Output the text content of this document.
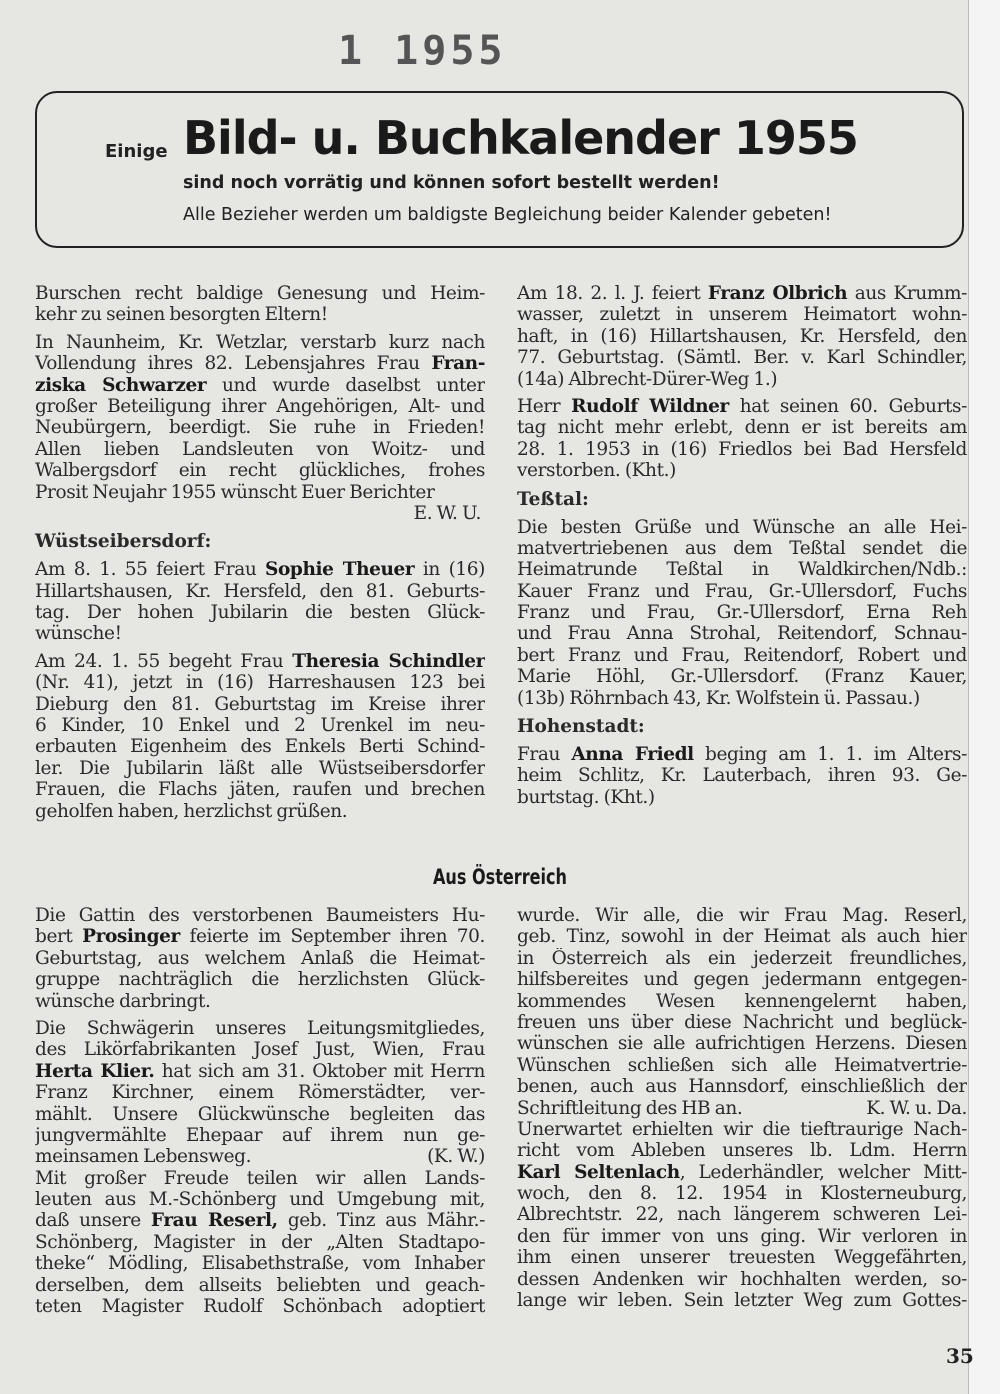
1 1955
Einige Bild- u. Buchkalender 1955
sind noch vorrätig und können sofort bestellt werden!
Alle Bezieher werden um baldigste Begleichung beider Kalender gebeten!
Burschen recht baldige Genesung und Heim-
kehr zu seinen besorgten Eltern!
In Naunheim, Kr. Wetzlar, verstarb kurz nach
Vollendung ihres 82. Lebensjahres Frau Fran-
ziska Schwarzer und wurde daselbst unter
großer Beteiligung ihrer Angehörigen, Alt- und
Neubürgern, beerdigt. Sie ruhe in Frieden!
Allen lieben Landsleuten von Woitz- und
Walbergsdorf ein recht glückliches, frohes
Prosit Neujahr 1955 wünscht Euer Berichter
E. W. U.
Wüstseibersdorf:
Am 8. 1. 55 feiert Frau Sophie Theuer in (16)
Hillartshausen, Kr. Hersfeld, den 81. Geburts-
tag. Der hohen Jubilarin die besten Glück-
wünsche!
Am 24. 1. 55 begeht Frau Theresia Schindler
(Nr. 41), jetzt in (16) Harreshausen 123 bei
Dieburg den 81. Geburtstag im Kreise ihrer
6 Kinder, 10 Enkel und 2 Urenkel im neu-
erbauten Eigenheim des Enkels Berti Schind-
ler. Die Jubilarin läßt alle Wüstseibersdorfer
Frauen, die Flachs jäten, raufen und brechen
geholfen haben, herzlichst grüßen.
Am 18. 2. l. J. feiert Franz Olbrich aus Krumm-
wasser, zuletzt in unserem Heimatort wohn-
haft, in (16) Hillartshausen, Kr. Hersfeld, den
77. Geburtstag. (Sämtl. Ber. v. Karl Schindler,
(14a) Albrecht-Dürer-Weg 1.)
Herr Rudolf Wildner hat seinen 60. Geburts-
tag nicht mehr erlebt, denn er ist bereits am
28. 1. 1953 in (16) Friedlos bei Bad Hersfeld
verstorben. (Kht.)
Teßtal:
Die besten Grüße und Wünsche an alle Hei-
matvertriebenen aus dem Teßtal sendet die
Heimatrunde Teßtal in Waldkirchen/Ndb.:
Kauer Franz und Frau, Gr.-Ullersdorf, Fuchs
Franz und Frau, Gr.-Ullersdorf, Erna Reh
und Frau Anna Strohal, Reitendorf, Schnau-
bert Franz und Frau, Reitendorf, Robert und
Marie Höhl, Gr.-Ullersdorf. (Franz Kauer,
(13b) Röhrnbach 43, Kr. Wolfstein ü. Passau.)
Hohenstadt:
Frau Anna Friedl beging am 1. 1. im Alters-
heim Schlitz, Kr. Lauterbach, ihren 93. Ge-
burtstag. (Kht.)
Aus Österreich
Die Gattin des verstorbenen Baumeisters Hu-
bert Prosinger feierte im September ihren 70.
Geburtstag, aus welchem Anlaß die Heimat-
gruppe nachträglich die herzlichsten Glück-
wünsche darbringt.
Die Schwägerin unseres Leitungsmitgliedes,
des Likörfabrikanten Josef Just, Wien, Frau
Herta Klier. hat sich am 31. Oktober mit Herrn
Franz Kirchner, einem Römerstädter, ver-
mählt. Unsere Glückwünsche begleiten das
jungvermählte Ehepaar auf ihrem nun ge-
meinsamen Lebensweg.	(K. W.)
Mit großer Freude teilen wir allen Lands-
leuten aus M.-Schönberg und Umgebung mit,
daß unsere Frau Reserl, geb. Tinz aus Mähr.-
Schönberg, Magister in der „Alten Stadtapo-
theke“ Mödling, Elisabethstraße, vom Inhaber
derselben, dem allseits beliebten und geach-
teten Magister Rudolf Schönbach adoptiert
wurde. Wir alle, die wir Frau Mag. Reserl,
geb. Tinz, sowohl in der Heimat als auch hier
in Österreich als ein jederzeit freundliches,
hilfsbereites und gegen jedermann entgegen-
kommendes Wesen kennengelernt haben,
freuen uns über diese Nachricht und beglück-
wünschen sie alle aufrichtigen Herzens. Diesen
Wünschen schließen sich alle Heimatvertrie-
benen, auch aus Hannsdorf, einschließlich der
Schriftleitung des HB an.	K. W. u. Da.
Unerwartet erhielten wir die tieftraurige Nach-
richt vom Ableben unseres lb. Ldm. Herrn
Karl Seltenlach, Lederhändler, welcher Mitt-
woch, den 8. 12. 1954 in Klosterneuburg,
Albrechtstr. 22, nach längerem schweren Lei-
den für immer von uns ging. Wir verloren in
ihm einen unserer treuesten Weggefährten,
dessen Andenken wir hochhalten werden, so-
lange wir leben. Sein letzter Weg zum Gottes-
35
